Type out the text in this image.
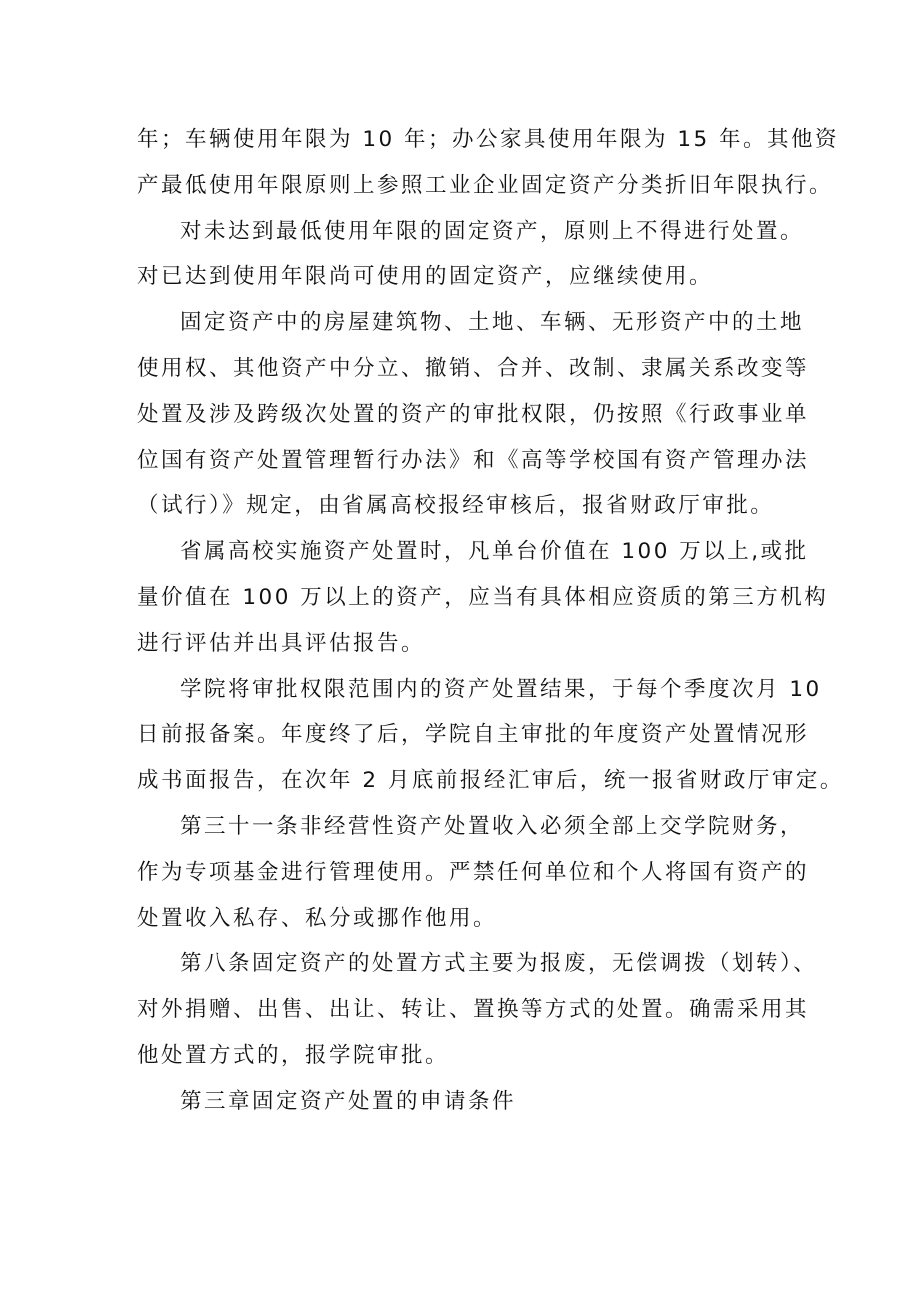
年；车辆使用年限为 10 年；办公家具使用年限为 15 年。其他资
产最低使用年限原则上参照工业企业固定资产分类折旧年限执行。

对未达到最低使用年限的固定资产，原则上不得进行处置。
对已达到使用年限尚可使用的固定资产，应继续使用。

固定资产中的房屋建筑物、土地、车辆、无形资产中的土地
使用权、其他资产中分立、撤销、合并、改制、隶属关系改变等
处置及涉及跨级次处置的资产的审批权限，仍按照《行政事业单
位国有资产处置管理暂行办法》和《高等学校国有资产管理办法
（试行）》规定，由省属高校报经审核后，报省财政厅审批。

省属高校实施资产处置时，凡单台价值在 100 万以上,或批
量价值在 100 万以上的资产，应当有具体相应资质的第三方机构
进行评估并出具评估报告。

学院将审批权限范围内的资产处置结果，于每个季度次月 10
日前报备案。年度终了后，学院自主审批的年度资产处置情况形
成书面报告，在次年 2 月底前报经汇审后，统一报省财政厅审定。

第三十一条非经营性资产处置收入必须全部上交学院财务，
作为专项基金进行管理使用。严禁任何单位和个人将国有资产的
处置收入私存、私分或挪作他用。

第八条固定资产的处置方式主要为报废，无偿调拨（划转）、
对外捐赠、出售、出让、转让、置换等方式的处置。确需采用其
他处置方式的，报学院审批。

第三章固定资产处置的申请条件
